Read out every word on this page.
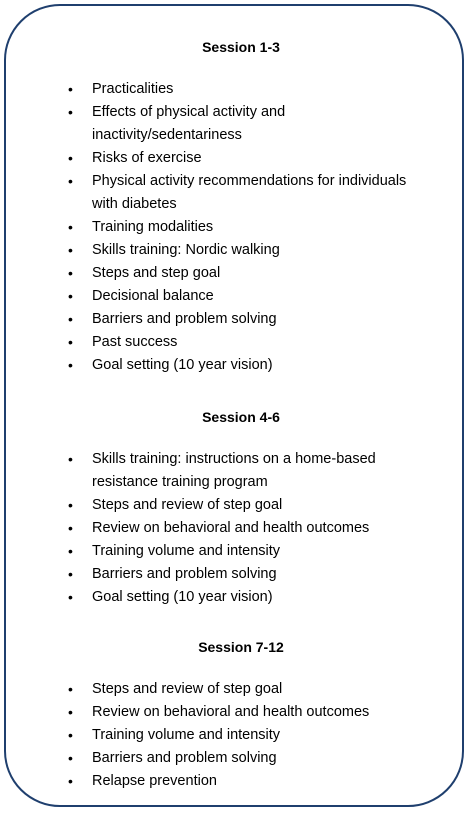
Session 1-3

• Practicalities
• Effects of physical activity and inactivity/sedentariness
• Risks of exercise
• Physical activity recommendations for individuals with diabetes
• Training modalities
• Skills training: Nordic walking
• Steps and step goal
• Decisional balance
• Barriers and problem solving
• Past success
• Goal setting (10 year vision)

Session 4-6

• Skills training: instructions on a home-based resistance training program
• Steps and review of step goal
• Review on behavioral and health outcomes
• Training volume and intensity
• Barriers and problem solving
• Goal setting (10 year vision)

Session 7-12

• Steps and review of step goal
• Review on behavioral and health outcomes
• Training volume and intensity
• Barriers and problem solving
• Relapse prevention
